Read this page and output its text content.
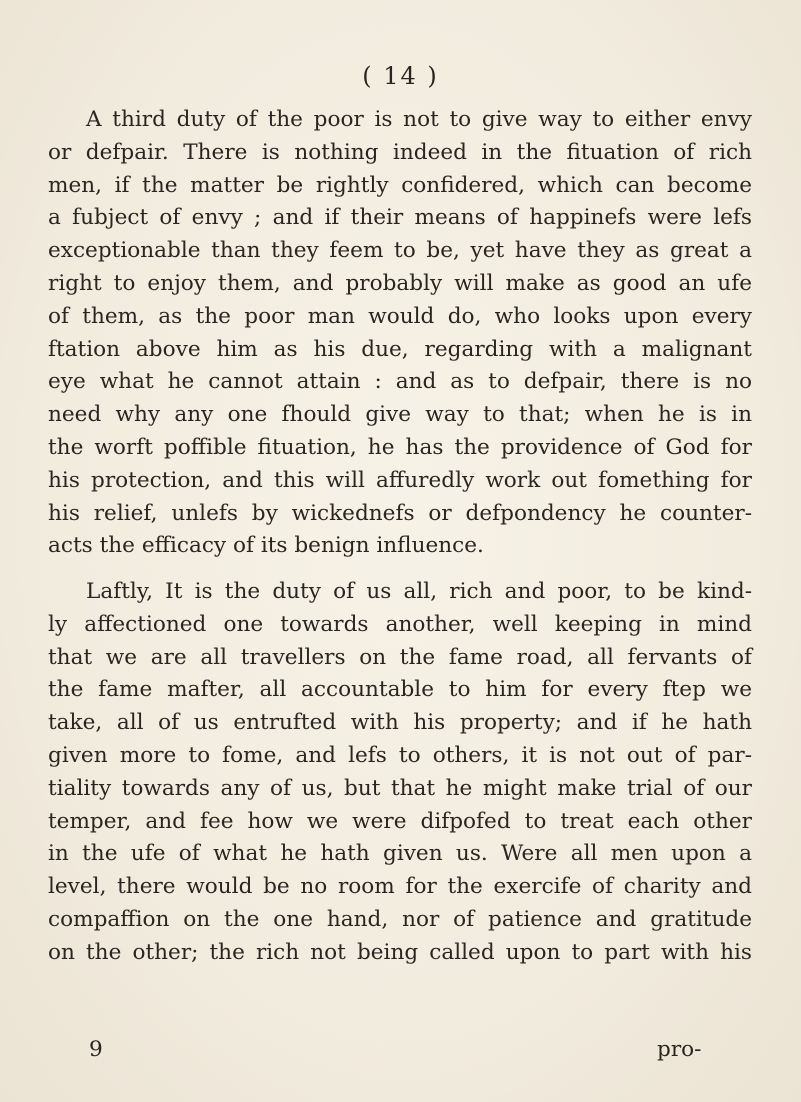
( 14 )
A third duty of the poor is not to give way to either envy
or defpair. There is nothing indeed in the fituation of rich
men, if the matter be rightly confidered, which can become
a fubject of envy ; and if their means of happinefs were lefs
exceptionable than they feem to be, yet have they as great a
right to enjoy them, and probably will make as good an ufe
of them, as the poor man would do, who looks upon every
ftation above him as his due, regarding with a malignant
eye what he cannot attain : and as to defpair, there is no
need why any one fhould give way to that; when he is in
the worft poffible fituation, he has the providence of God for
his protection, and this will affuredly work out fomething for
his relief, unlefs by wickednefs or defpondency he counter-
acts the efficacy of its benign influence.
Laftly, It is the duty of us all, rich and poor, to be kind-
ly affectioned one towards another, well keeping in mind
that we are all travellers on the fame road, all fervants of
the fame mafter, all accountable to him for every ftep we
take, all of us entrufted with his property; and if he hath
given more to fome, and lefs to others, it is not out of par-
tiality towards any of us, but that he might make trial of our
temper, and fee how we were difpofed to treat each other
in the ufe of what he hath given us. Were all men upon a
level, there would be no room for the exercife of charity and
compaffion on the one hand, nor of patience and gratitude
on the other; the rich not being called upon to part with his
9	pro-
